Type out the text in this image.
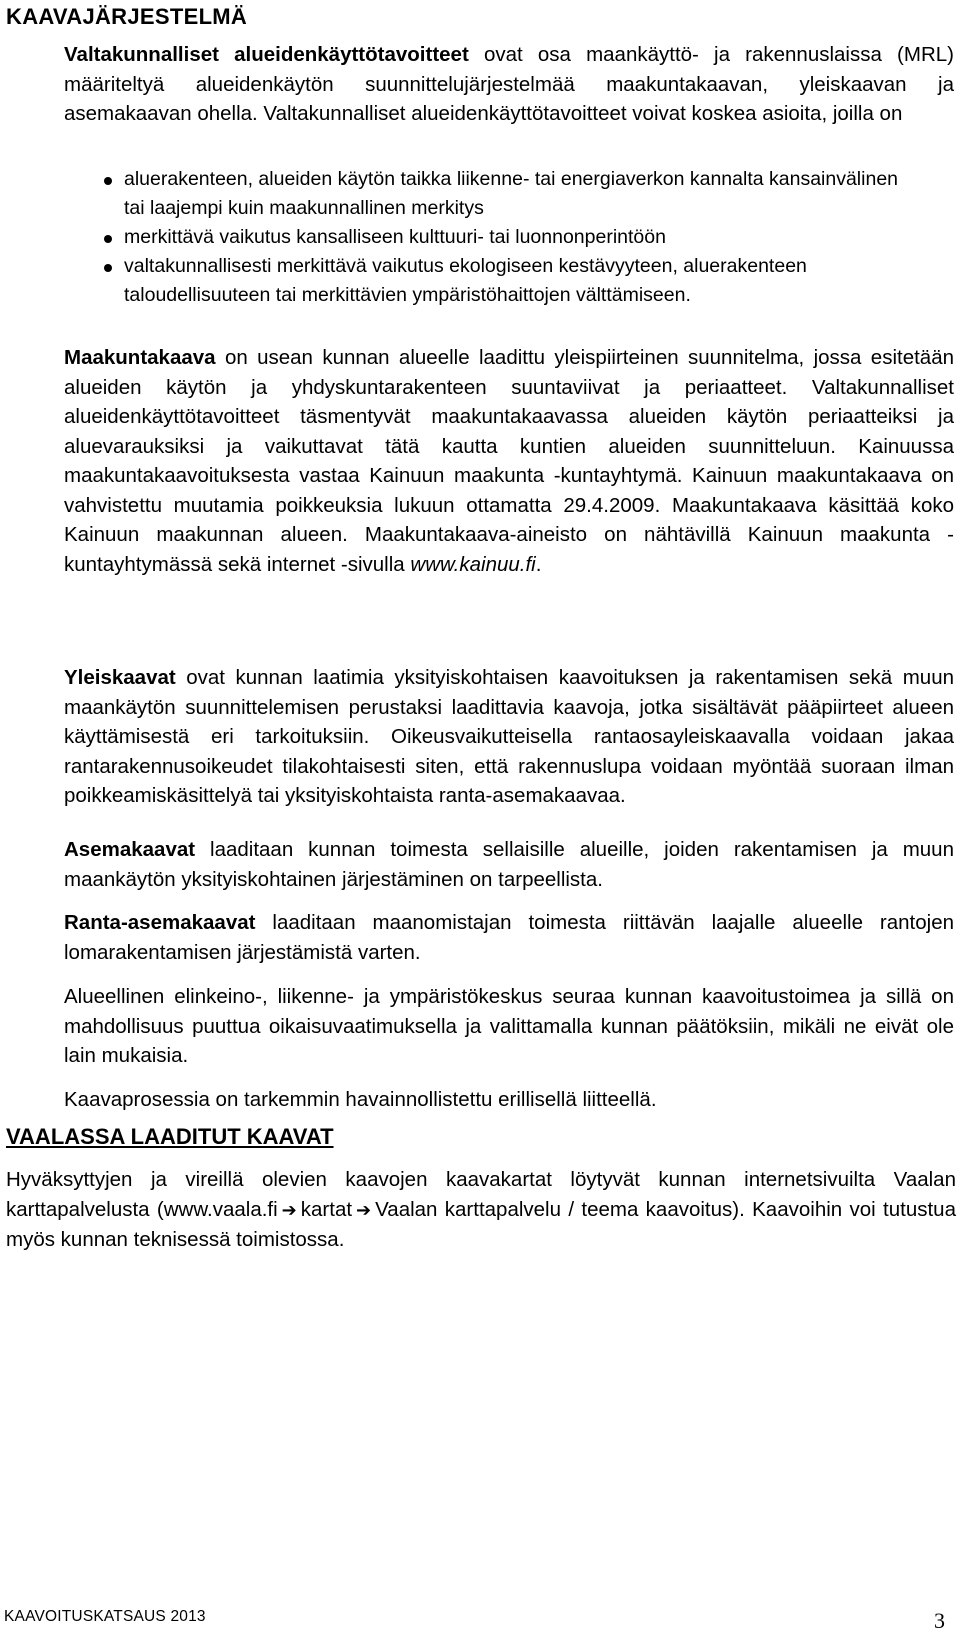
KAAVAJÄRJESTELMÄ

Valtakunnalliset alueidenkäyttötavoitteet ovat osa maankäyttö- ja rakennuslaissa (MRL) määriteltyä alueidenkäytön suunnittelujärjestelmää maakuntakaavan, yleiskaavan ja asemakaavan ohella. Valtakunnalliset alueidenkäyttötavoitteet voivat koskea asioita, joilla on

aluerakenteen, alueiden käytön taikka liikenne- tai energiaverkon kannalta kansainvälinen tai laajempi kuin maakunnallinen merkitys
merkittävä vaikutus kansalliseen kulttuuri- tai luonnonperintöön
valtakunnallisesti merkittävä vaikutus ekologiseen kestävyyteen, aluerakenteen taloudellisuuteen tai merkittävien ympäristöhaittojen välttämiseen.

Maakuntakaava on usean kunnan alueelle laadittu yleispiirteinen suunnitelma, jossa esitetään alueiden käytön ja yhdyskuntarakenteen suuntaviivat ja periaatteet. Valtakunnalliset alueidenkäyttötavoitteet täsmentyvät maakuntakaavassa alueiden käytön periaatteiksi ja aluevarauksiksi ja vaikuttavat tätä kautta kuntien alueiden suunnitteluun. Kainuussa maakuntakaavoituksesta vastaa Kainuun maakunta -kuntayhtymä. Kainuun maakuntakaava on vahvistettu muutamia poikkeuksia lukuun ottamatta 29.4.2009. Maakuntakaava käsittää koko Kainuun maakunnan alueen. Maakuntakaava-aineisto on nähtävillä Kainuun maakunta -kuntayhtymässä sekä internet -sivulla www.kainuu.fi.

Yleiskaavat ovat kunnan laatimia yksityiskohtaisen kaavoituksen ja rakentamisen sekä muun maankäytön suunnittelemisen perustaksi laadittavia kaavoja, jotka sisältävät pääpiirteet alueen käyttämisestä eri tarkoituksiin. Oikeusvaikutteisella rantaosayleiskaavalla voidaan jakaa rantarakennusoikeudet tilakohtaisesti siten, että rakennuslupa voidaan myöntää suoraan ilman poikkeamiskäsittelyä tai yksityiskohtaista ranta-asemakaavaa.

Asemakaavat laaditaan kunnan toimesta sellaisille alueille, joiden rakentamisen ja muun maankäytön yksityiskohtainen järjestäminen on tarpeellista.

Ranta-asemakaavat laaditaan maanomistajan toimesta riittävän laajalle alueelle rantojen lomarakentamisen järjestämistä varten.

Alueellinen elinkeino-, liikenne- ja ympäristökeskus seuraa kunnan kaavoitustoimea ja sillä on mahdollisuus puuttua oikaisuvaatimuksella ja valittamalla kunnan päätöksiin, mikäli ne eivät ole lain mukaisia.

Kaavaprosessia on tarkemmin havainnollistettu erillisellä liitteellä.

VAALASSA LAADITUT KAAVAT

Hyväksyttyjen ja vireillä olevien kaavojen kaavakartat löytyvät kunnan internetsivuilta Vaalan karttapalvelusta (www.vaala.fi ➔ kartat ➔ Vaalan karttapalvelu / teema kaavoitus). Kaavoihin voi tutustua myös kunnan teknisessä toimistossa.

KAAVOITUSKATSAUS 2013	3
